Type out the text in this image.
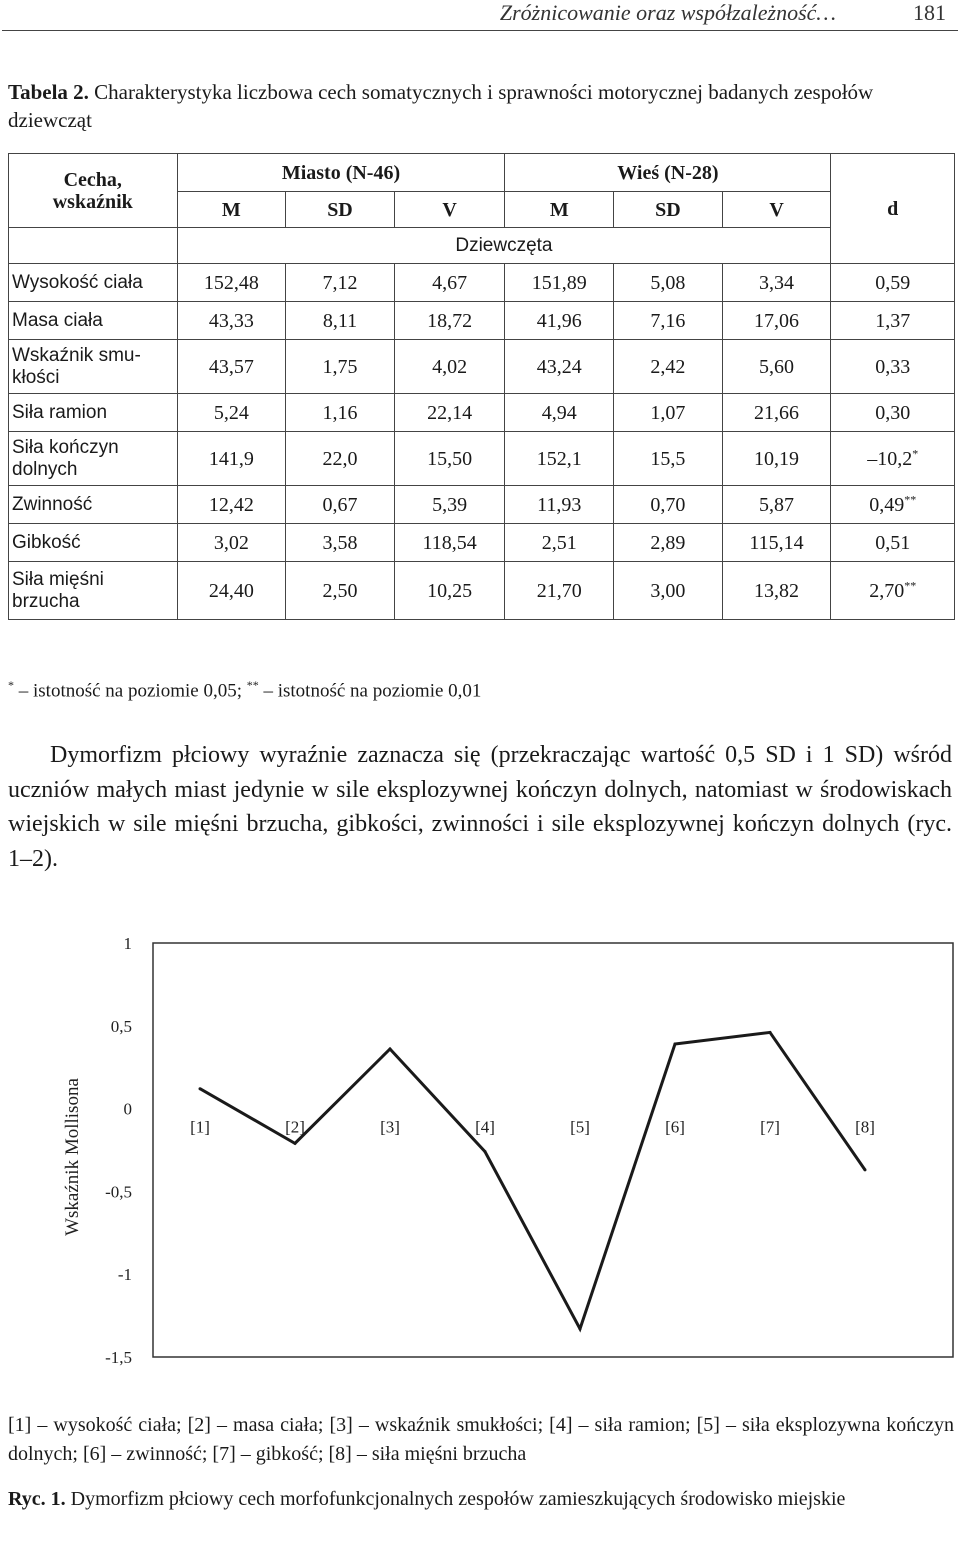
Zróżnicowanie oraz współzależność…	181
Tabela 2. Charakterystyka liczbowa cech somatycznych i sprawności motorycznej badanych zespołów dziewcząt
Cecha,
wskaźnik	Miasto (N-46)			Wieś (N-28)			d
	M	SD	V	M	SD	V	
	Dziewczęta						
Wysokość ciała	152,48	7,12	4,67	151,89	5,08	3,34	0,59
Masa ciała	43,33	8,11	18,72	41,96	7,16	17,06	1,37
Wskaźnik smu-kłości	43,57	1,75	4,02	43,24	2,42	5,60	0,33
Siła ramion	5,24	1,16	22,14	4,94	1,07	21,66	0,30
Siła kończyn dolnych	141,9	22,0	15,50	152,1	15,5	10,19	–10,2*
Zwinność	12,42	0,67	5,39	11,93	0,70	5,87	0,49**
Gibkość	3,02	3,58	118,54	2,51	2,89	115,14	0,51
Siła mięśni brzucha	24,40	2,50	10,25	21,70	3,00	13,82	2,70**
* – istotność na poziomie 0,05; ** – istotność na poziomie 0,01
Dymorfizm płciowy wyraźnie zaznacza się (przekraczając wartość 0,5 SD i 1 SD) wśród uczniów małych miast jedynie w sile eksplozywnej kończyn dolnych, natomiast w środowiskach wiejskich w sile mięśni brzucha, gibkości, zwinności i sile eksplozywnej kończyn dolnych (ryc. 1–2).
1
0,5
0
-0,5
-1
-1,5
[1]	[2]	[3]	[4]	[5]	[6]	[7]	[8]
Wskaźnik Mollisona
[1] – wysokość ciała; [2] – masa ciała; [3] – wskaźnik smukłości; [4] – siła ramion; [5] – siła eksplozywna kończyn dolnych; [6] – zwinność; [7] – gibkość; [8] – siła mięśni brzucha
Ryc. 1. Dymorfizm płciowy cech morfofunkcjonalnych zespołów zamieszkujących środowisko miejskie
